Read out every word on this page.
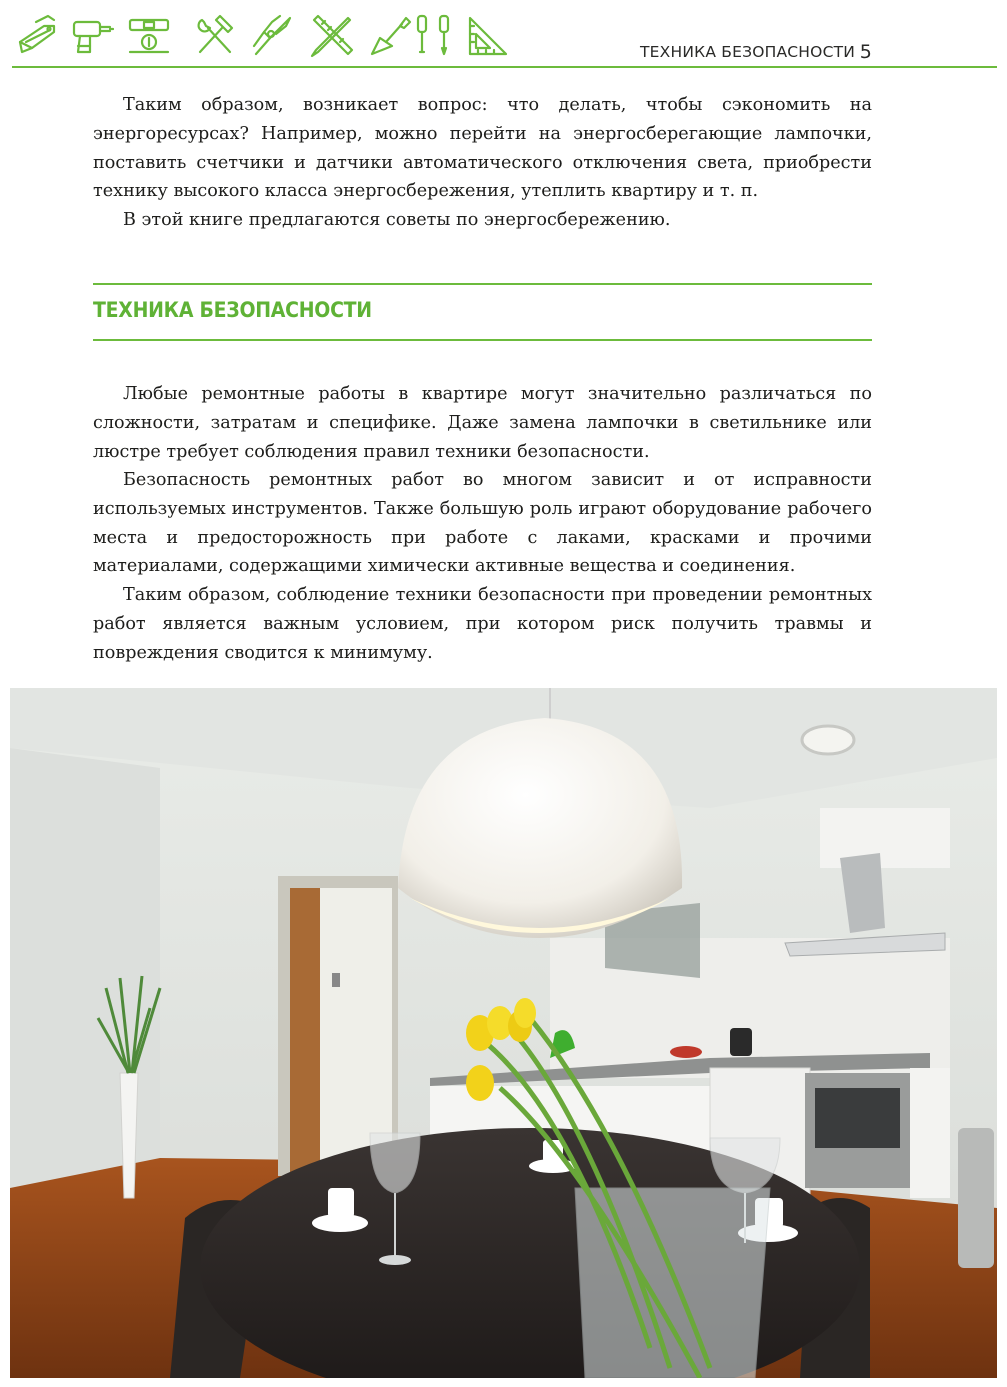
ТЕХНИКА БЕЗОПАСНОСТИ 5

Таким образом, возникает вопрос: что делать, чтобы сэкономить на энергоресурсах? Например, можно перейти на энергосберегающие лампочки, поставить счетчики и датчики автоматического отключения света, приобрести технику высокого класса энергосбережения, утеплить квартиру и т. п.

В этой книге предлагаются советы по энергосбережению.

ТЕХНИКА БЕЗОПАСНОСТИ

Любые ремонтные работы в квартире могут значительно различаться по сложности, затратам и специфике. Даже замена лампочки в светильнике или люстре требует соблюдения правил техники безопасности.

Безопасность ремонтных работ во многом зависит и от исправности используемых инструментов. Также большую роль играют оборудование рабочего места и предосторожность при работе с лаками, красками и прочими материалами, содержащими химически активные вещества и соединения.

Таким образом, соблюдение техники безопасности при проведении ремонтных работ является важным условием, при котором риск получить травмы и повреждения сводится к минимуму.
